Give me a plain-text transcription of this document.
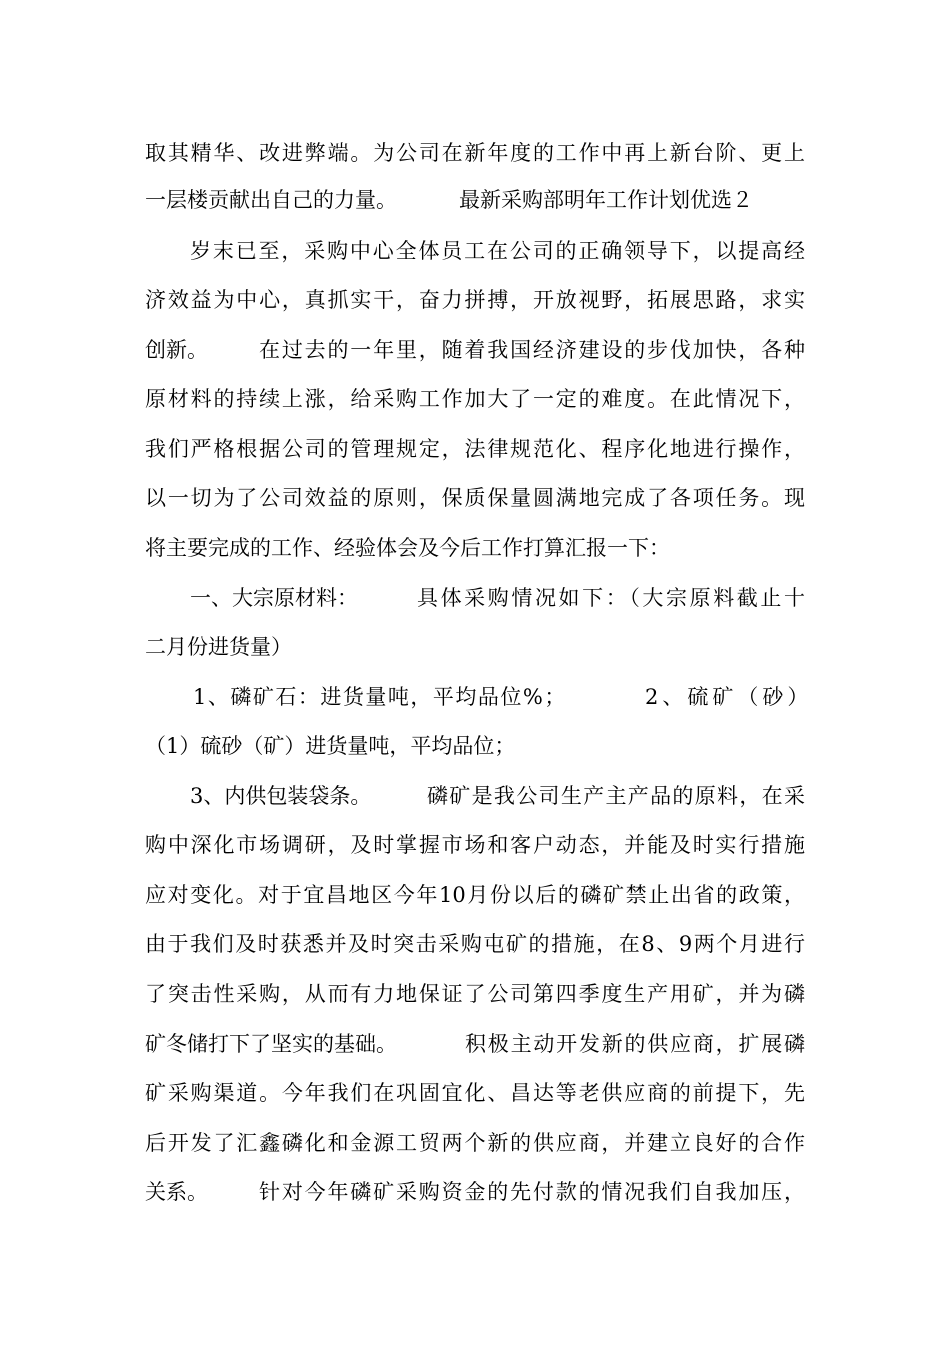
取其精华、改进弊端。为公司在新年度的工作中再上新台阶、更上

一层楼贡献出自己的力量。

	最新采购部明年工作计划优选２

岁末已至，采购中心全体员工在公司的正确领导下，以提高经

济效益为中心，真抓实干，奋力拼搏，开放视野，拓展思路，求实

创新。

在过去的一年里，随着我国经济建设的步伐加快，各种

原材料的持续上涨，给采购工作加大了一定的难度。在此情况下，

我们严格根据公司的管理规定，法律规范化、程序化地进行操作，

以一切为了公司效益的原则，保质保量圆满地完成了各项任务。现

将主要完成的工作、经验体会及今后工作打算汇报一下：

一、大宗原材料：

	具体采购情况如下：（大宗原料截止十

二月份进货量）

1、磷矿石：进货量吨，平均品位%；

	2、硫矿（砂）

（1）硫砂（矿）进货量吨，平均品位；

3、内供包装袋条。

	磷矿是我公司生产主产品的原料，在采

购中深化市场调研，及时掌握市场和客户动态，并能及时实行措施

应对变化。对于宜昌地区今年10月份以后的磷矿禁止出省的政策，

由于我们及时获悉并及时突击采购屯矿的措施，在8、9两个月进行

了突击性采购，从而有力地保证了公司第四季度生产用矿，并为磷

矿冬储打下了坚实的基础。

	积极主动开发新的供应商，扩展磷

矿采购渠道。今年我们在巩固宜化、昌达等老供应商的前提下，先

后开发了汇鑫磷化和金源工贸两个新的供应商，并建立良好的合作

关系。

针对今年磷矿采购资金的先付款的情况我们自我加压，
